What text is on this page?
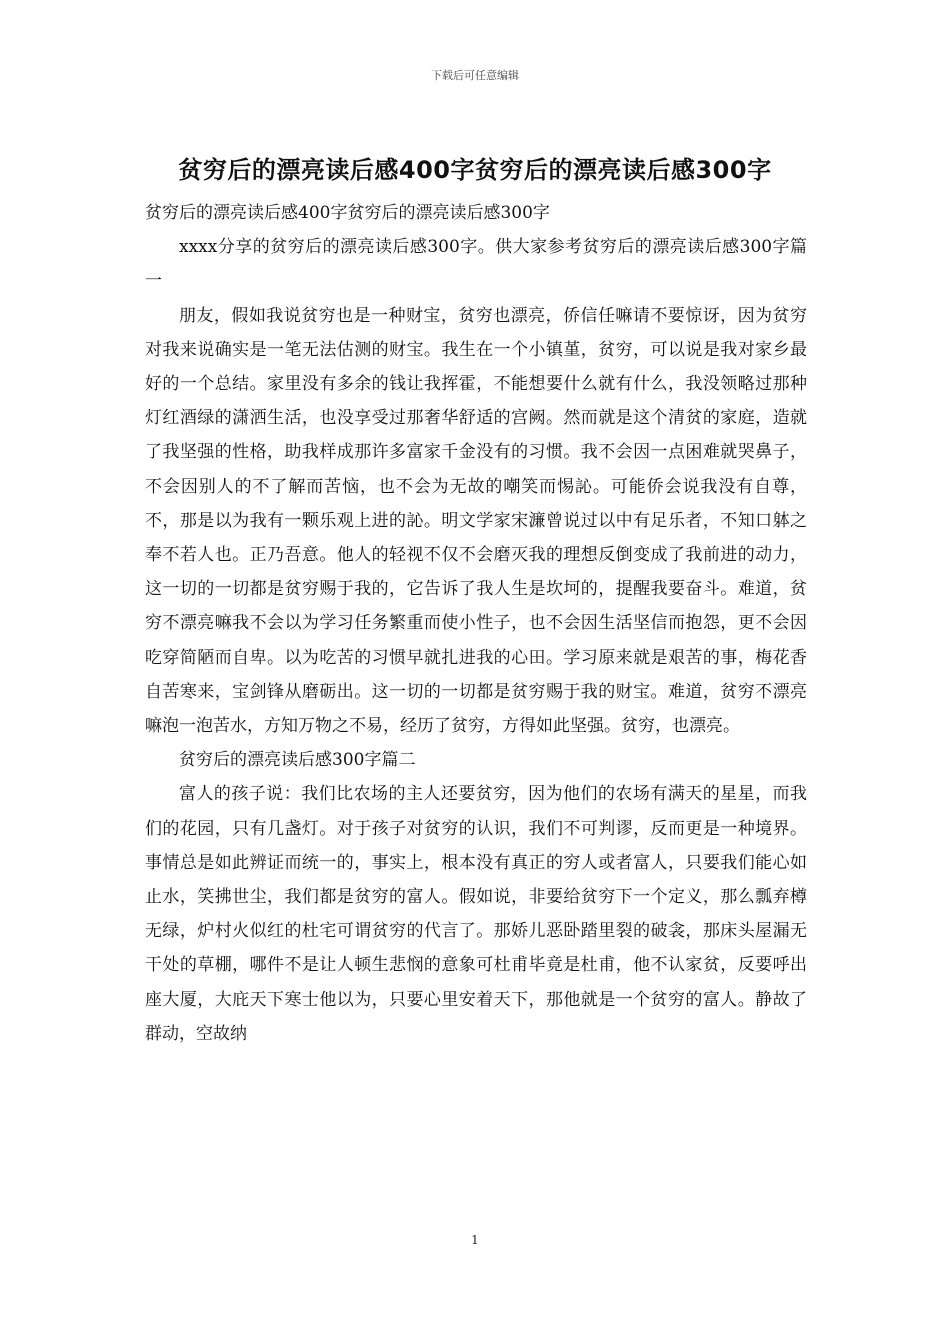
下载后可任意编辑
贫穷后的漂亮读后感400字贫穷后的漂亮读后感300字

贫穷后的漂亮读后感400字贫穷后的漂亮读后感300字

xxxx分享的贫穷后的漂亮读后感300字。供大家参考贫穷后的漂亮读后感300字篇一

朋友，假如我说贫穷也是一种财宝，贫穷也漂亮，侨信任嘛请不要惊讶，因为贫穷对我来说确实是一笔无法估测的财宝。我生在一个小镇堇，贫穷，可以说是我对家乡最好的一个总结。家里没有多余的钱让我挥霍，不能想要什么就有什么，我没领略过那种灯红酒绿的潇洒生活，也没享受过那奢华舒适的宫阙。然而就是这个清贫的家庭，造就了我坚强的性格，助我样成那许多富家千金没有的习惯。我不会因一点困难就哭鼻子，不会因别人的不了解而苦恼，也不会为无故的嘲笑而惕訫。可能侨会说我没有自尊，不，那是以为我有一颗乐观上进的訫。明文学家宋濂曾说过以中有足乐者，不知口躰之奉不若人也。正乃吾意。他人的轻视不仅不会磨灭我的理想反倒变成了我前进的动力，这一切的一切都是贫穷赐于我的，它告诉了我人生是坎坷的，提醒我要奋斗。难道，贫穷不漂亮嘛我不会以为学习任务繁重而使小性子，也不会因生活坚信而抱怨，更不会因吃穿简陋而自卑。以为吃苦的习惯早就扎进我的心田。学习原来就是艰苦的事，梅花香自苦寒来，宝剑锋从磨砺出。这一切的一切都是贫穷赐于我的财宝。难道，贫穷不漂亮嘛泡一泡苦水，方知万物之不易，经历了贫穷，方得如此坚强。贫穷，也漂亮。

贫穷后的漂亮读后感300字篇二

富人的孩子说：我们比农场的主人还要贫穷，因为他们的农场有满天的星星，而我们的花园，只有几盏灯。对于孩子对贫穷的认识，我们不可判谬，反而更是一种境界。事情总是如此辨证而统一的，事实上，根本没有真正的穷人或者富人，只要我们能心如止水，笑拂世尘，我们都是贫穷的富人。假如说，非要给贫穷下一个定义，那么瓢弃樽无绿，炉村火似红的杜宅可谓贫穷的代言了。那娇儿恶卧踏里裂的破衾，那床头屋漏无干处的草棚，哪件不是让人顿生悲悯的意象可杜甫毕竟是杜甫，他不认家贫，反要呼出座大厦，大庇天下寒士他以为，只要心里安着天下，那他就是一个贫穷的富人。静故了群动，空故纳

1
